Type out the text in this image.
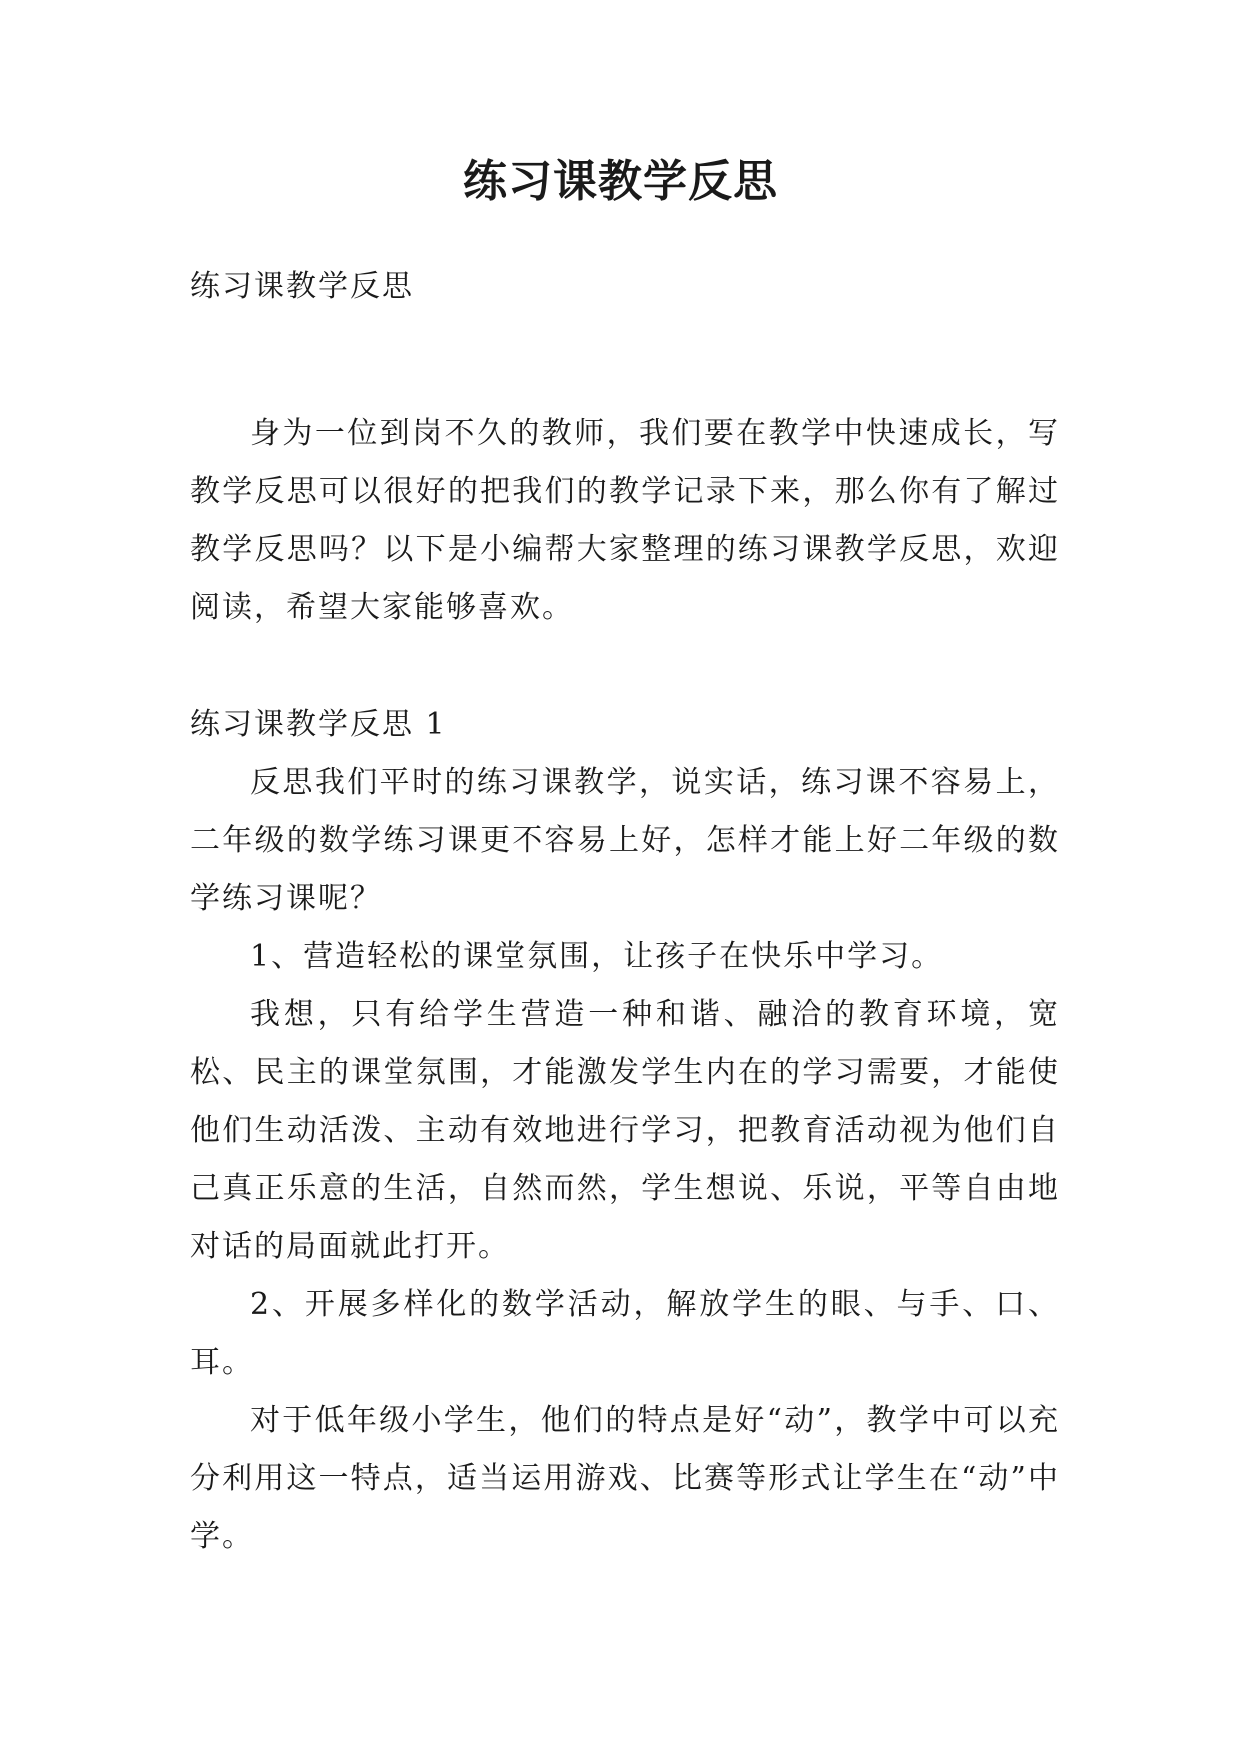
练习课教学反思

练习课教学反思

身为一位到岗不久的教师，我们要在教学中快速成长，写教学反思可以很好的把我们的教学记录下来，那么你有了解过教学反思吗？以下是小编帮大家整理的练习课教学反思，欢迎阅读，希望大家能够喜欢。

练习课教学反思 1

反思我们平时的练习课教学，说实话，练习课不容易上，二年级的数学练习课更不容易上好，怎样才能上好二年级的数学练习课呢？

1、营造轻松的课堂氛围，让孩子在快乐中学习。

我想，只有给学生营造一种和谐、融洽的教育环境，宽松、民主的课堂氛围，才能激发学生内在的学习需要，才能使他们生动活泼、主动有效地进行学习，把教育活动视为他们自己真正乐意的生活，自然而然，学生想说、乐说，平等自由地对话的局面就此打开。

2、开展多样化的数学活动，解放学生的眼、与手、口、耳。

对于低年级小学生，他们的特点是好“动”，教学中可以充分利用这一特点，适当运用游戏、比赛等形式让学生在“动”中学。
